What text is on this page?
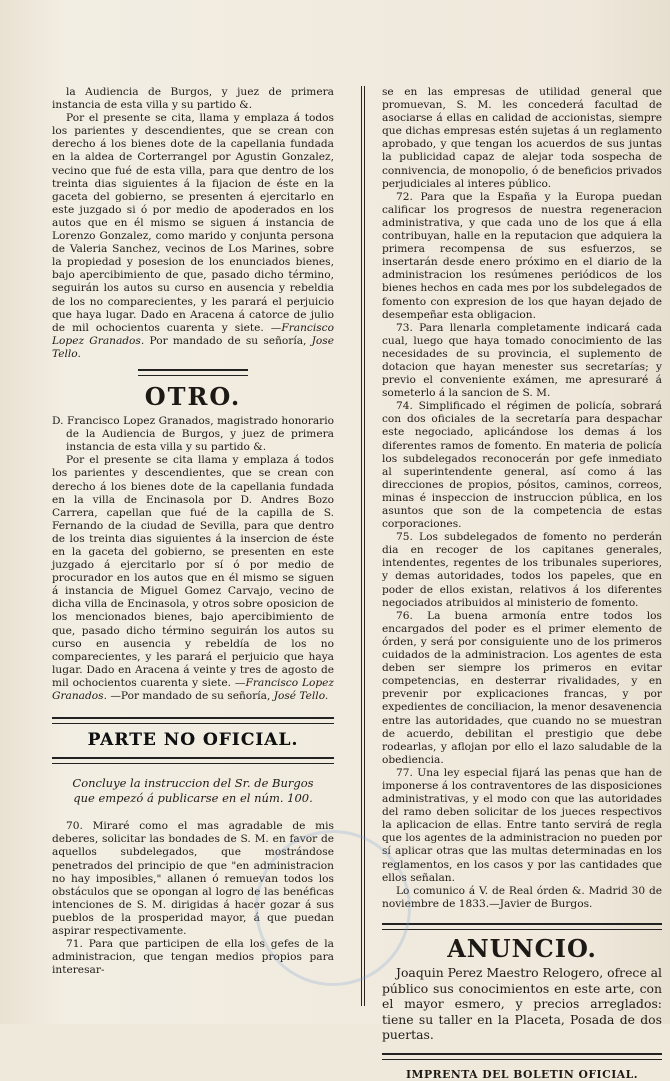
la Audiencia de Burgos, y juez de primera instancia de esta villa y su partido &.

Por el presente se cita, llama y emplaza á todos los parientes y descendientes, que se crean con derecho á los bienes dote de la capellania fundada en la aldea de Corterrangel por Agustin Gonzalez, vecino que fué de esta villa, para que dentro de los treinta dias siguientes á la fijacion de éste en la gaceta del gobierno, se presenten á ejercitarlo en este juzgado si ó por medio de apoderados en los autos que en él mismo se siguen á instancia de Lorenzo Gonzalez, como marido y conjunta persona de Valeria Sanchez, vecinos de Los Marines, sobre la propiedad y posesion de los enunciados bienes, bajo apercibimiento de que, pasado dicho término, seguirán los autos su curso en ausencia y rebeldia de los no comparecientes, y les parará el perjuicio que haya lugar. Dado en Aracena á catorce de julio de mil ochocientos cuarenta y siete. —Francisco Lopez Granados. Por mandado de su señoría, Jose Tello.

OTRO.

D. Francisco Lopez Granados, magistrado honorario de la Audiencia de Burgos, y juez de primera instancia de esta villa y su partido &.

Por el presente se cita llama y emplaza á todos los parientes y descendientes, que se crean con derecho á los bienes dote de la capellania fundada en la villa de Encinasola por D. Andres Bozo Carrera, capellan que fué de la capilla de S. Fernando de la ciudad de Sevilla, para que dentro de los treinta dias siguientes á la insercion de éste en la gaceta del gobierno, se presenten en este juzgado á ejercitarlo por sí ó por medio de procurador en los autos que en él mismo se siguen á instancia de Miguel Gomez Carvajo, vecino de dicha villa de Encinasola, y otros sobre oposicion de los mencionados bienes, bajo apercibimiento de que, pasado dicho término seguirán los autos su curso en ausencia y rebeldía de los no comparecientes, y les parará el perjuicio que haya lugar. Dado en Aracena á veinte y tres de agosto de mil ochocientos cuarenta y siete. —Francisco Lopez Granados. —Por mandado de su señoría, José Tello.

PARTE NO OFICIAL.

Concluye la instruccion del Sr. de Burgos que empezó á publicarse en el núm. 100.

70. Miraré como el mas agradable de mis deberes, solicitar las bondades de S. M. en favor de aquellos subdelegados, que mostrándose penetrados del principio de que "en administracion no hay imposibles," allanen ó remuevan todos los obstáculos que se opongan al logro de las benéficas intenciones de S. M. dirigidas á hacer gozar á sus pueblos de la prosperidad mayor, á que puedan aspirar respectivamente.

71. Para que participen de ella los gefes de la administracion, que tengan medios propios para interesar-

se en las empresas de utilidad general que promuevan, S. M. les concederá facultad de asociarse á ellas en calidad de accionistas, siempre que dichas empresas estén sujetas á un reglamento aprobado, y que tengan los acuerdos de sus juntas la publicidad capaz de alejar toda sospecha de connivencia, de monopolio, ó de beneficios privados perjudiciales al interes público.

72. Para que la España y la Europa puedan calificar los progresos de nuestra regeneracion administrativa, y que cada uno de los que á ella contribuyan, halle en la reputacion que adquiera la primera recompensa de sus esfuerzos, se insertarán desde enero próximo en el diario de la administracion los resúmenes periódicos de los bienes hechos en cada mes por los subdelegados de fomento con expresion de los que hayan dejado de desempeñar esta obligacion.

73. Para llenarla completamente indicará cada cual, luego que haya tomado conocimiento de las necesidades de su provincia, el suplemento de dotacion que hayan menester sus secretarías; y previo el conveniente exámen, me apresuraré á someterlo á la sancion de S. M.

74. Simplificado el régimen de policía, sobrará con dos oficiales de la secretaría para despachar este negociado, aplicándose los demas á los diferentes ramos de fomento. En materia de policía los subdelegados reconocerán por gefe inmediato al superintendente general, así como á las direcciones de propios, pósitos, caminos, correos, minas é inspeccion de instruccion pública, en los asuntos que son de la competencia de estas corporaciones.

75. Los subdelegados de fomento no perderán dia en recoger de los capitanes generales, intendentes, regentes de los tribunales superiores, y demas autoridades, todos los papeles, que en poder de ellos existan, relativos á los diferentes negociados atribuidos al ministerio de fomento.

76. La buena armonía entre todos los encargados del poder es el primer elemento de órden, y será por consiguiente uno de los primeros cuidados de la administracion. Los agentes de esta deben ser siempre los primeros en evitar competencias, en desterrar rivalidades, y en prevenir por explicaciones francas, y por expedientes de conciliacion, la menor desavenencia entre las autoridades, que cuando no se muestran de acuerdo, debilitan el prestigio que debe rodearlas, y aflojan por ello el lazo saludable de la obediencia.

77. Una ley especial fijará las penas que han de imponerse á los contraventores de las disposiciones administrativas, y el modo con que las autoridades del ramo deben solicitar de los jueces respectivos la aplicacion de ellas. Entre tanto servirá de regla que los agentes de la administracion no pueden por sí aplicar otras que las multas determinadas en los reglamentos, en los casos y por las cantidades que ellos señalan.

Lo comunico á V. de Real órden &. Madrid 30 de noviembre de 1833.—Javier de Burgos.

ANUNCIO.

Joaquin Perez Maestro Relogero, ofrece al público sus conocimientos en este arte, con el mayor esmero, y precios arreglados: tiene su taller en la Placeta, Posada de dos puertas.

IMPRENTA DEL BOLETIN OFICIAL.
